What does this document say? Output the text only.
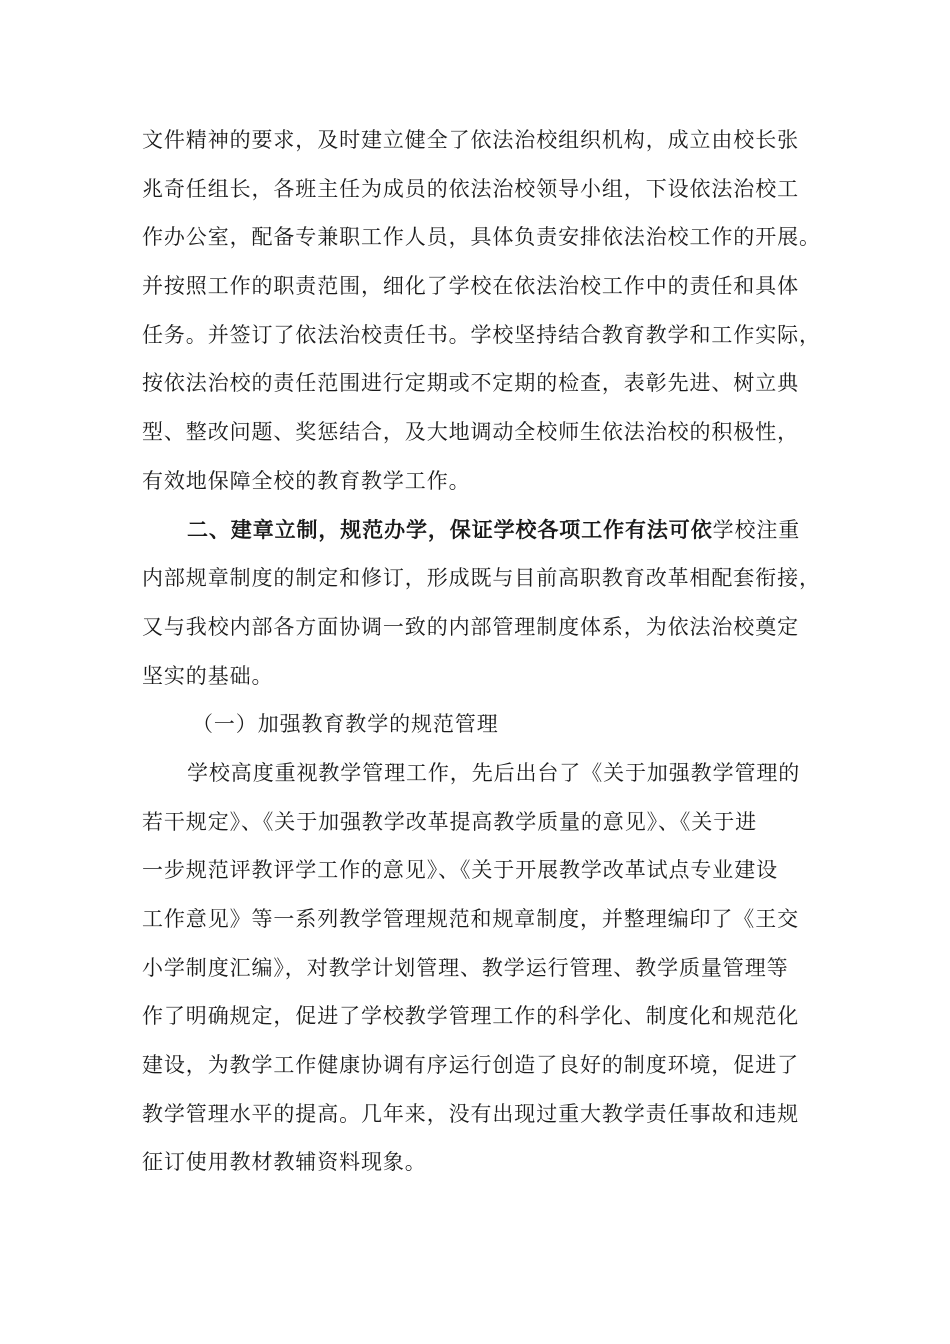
文件精神的要求，及时建立健全了依法治校组织机构，成立由校长张
兆奇任组长，各班主任为成员的依法治校领导小组，下设依法治校工
作办公室，配备专兼职工作人员，具体负责安排依法治校工作的开展。
并按照工作的职责范围，细化了学校在依法治校工作中的责任和具体
任务。并签订了依法治校责任书。学校坚持结合教育教学和工作实际，
按依法治校的责任范围进行定期或不定期的检查，表彰先进、树立典
型、整改问题、奖惩结合，及大地调动全校师生依法治校的积极性，
有效地保障全校的教育教学工作。
二、建章立制，规范办学，保证学校各项工作有法可依学校注重
内部规章制度的制定和修订，形成既与目前高职教育改革相配套衔接，
又与我校内部各方面协调一致的内部管理制度体系，为依法治校奠定
坚实的基础。
（一）加强教育教学的规范管理
学校高度重视教学管理工作，先后出台了《关于加强教学管理的
若干规定》、《关于加强教学改革提高教学质量的意见》、《关于进
一步规范评教评学工作的意见》、《关于开展教学改革试点专业建设
工作意见》等一系列教学管理规范和规章制度，并整理编印了《王交
小学制度汇编》，对教学计划管理、教学运行管理、教学质量管理等
作了明确规定，促进了学校教学管理工作的科学化、制度化和规范化
建设，为教学工作健康协调有序运行创造了良好的制度环境，促进了
教学管理水平的提高。几年来，没有出现过重大教学责任事故和违规
征订使用教材教辅资料现象。
